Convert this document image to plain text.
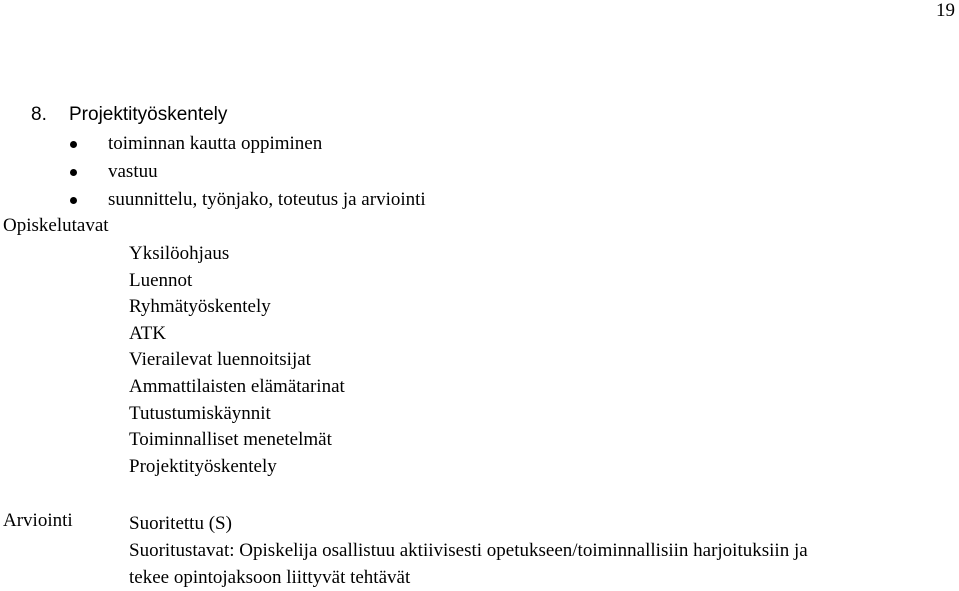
19
8. Projektityöskentely
toiminnan kautta oppiminen
vastuu
suunnittelu, työnjako, toteutus ja arviointi
Opiskelutavat
Yksilöohjaus
Luennot
Ryhmätyöskentely
ATK
Vierailevat luennoitsijat
Ammattilaisten elämätarinat
Tutustumiskäynnit
Toiminnalliset menetelmät
Projektityöskentely
Arviointi	Suoritettu (S)
Suoritustavat: Opiskelija osallistuu aktiivisesti opetukseen/toiminnallisiin harjoituksiin ja
tekee opintojaksoon liittyvät tehtävät
